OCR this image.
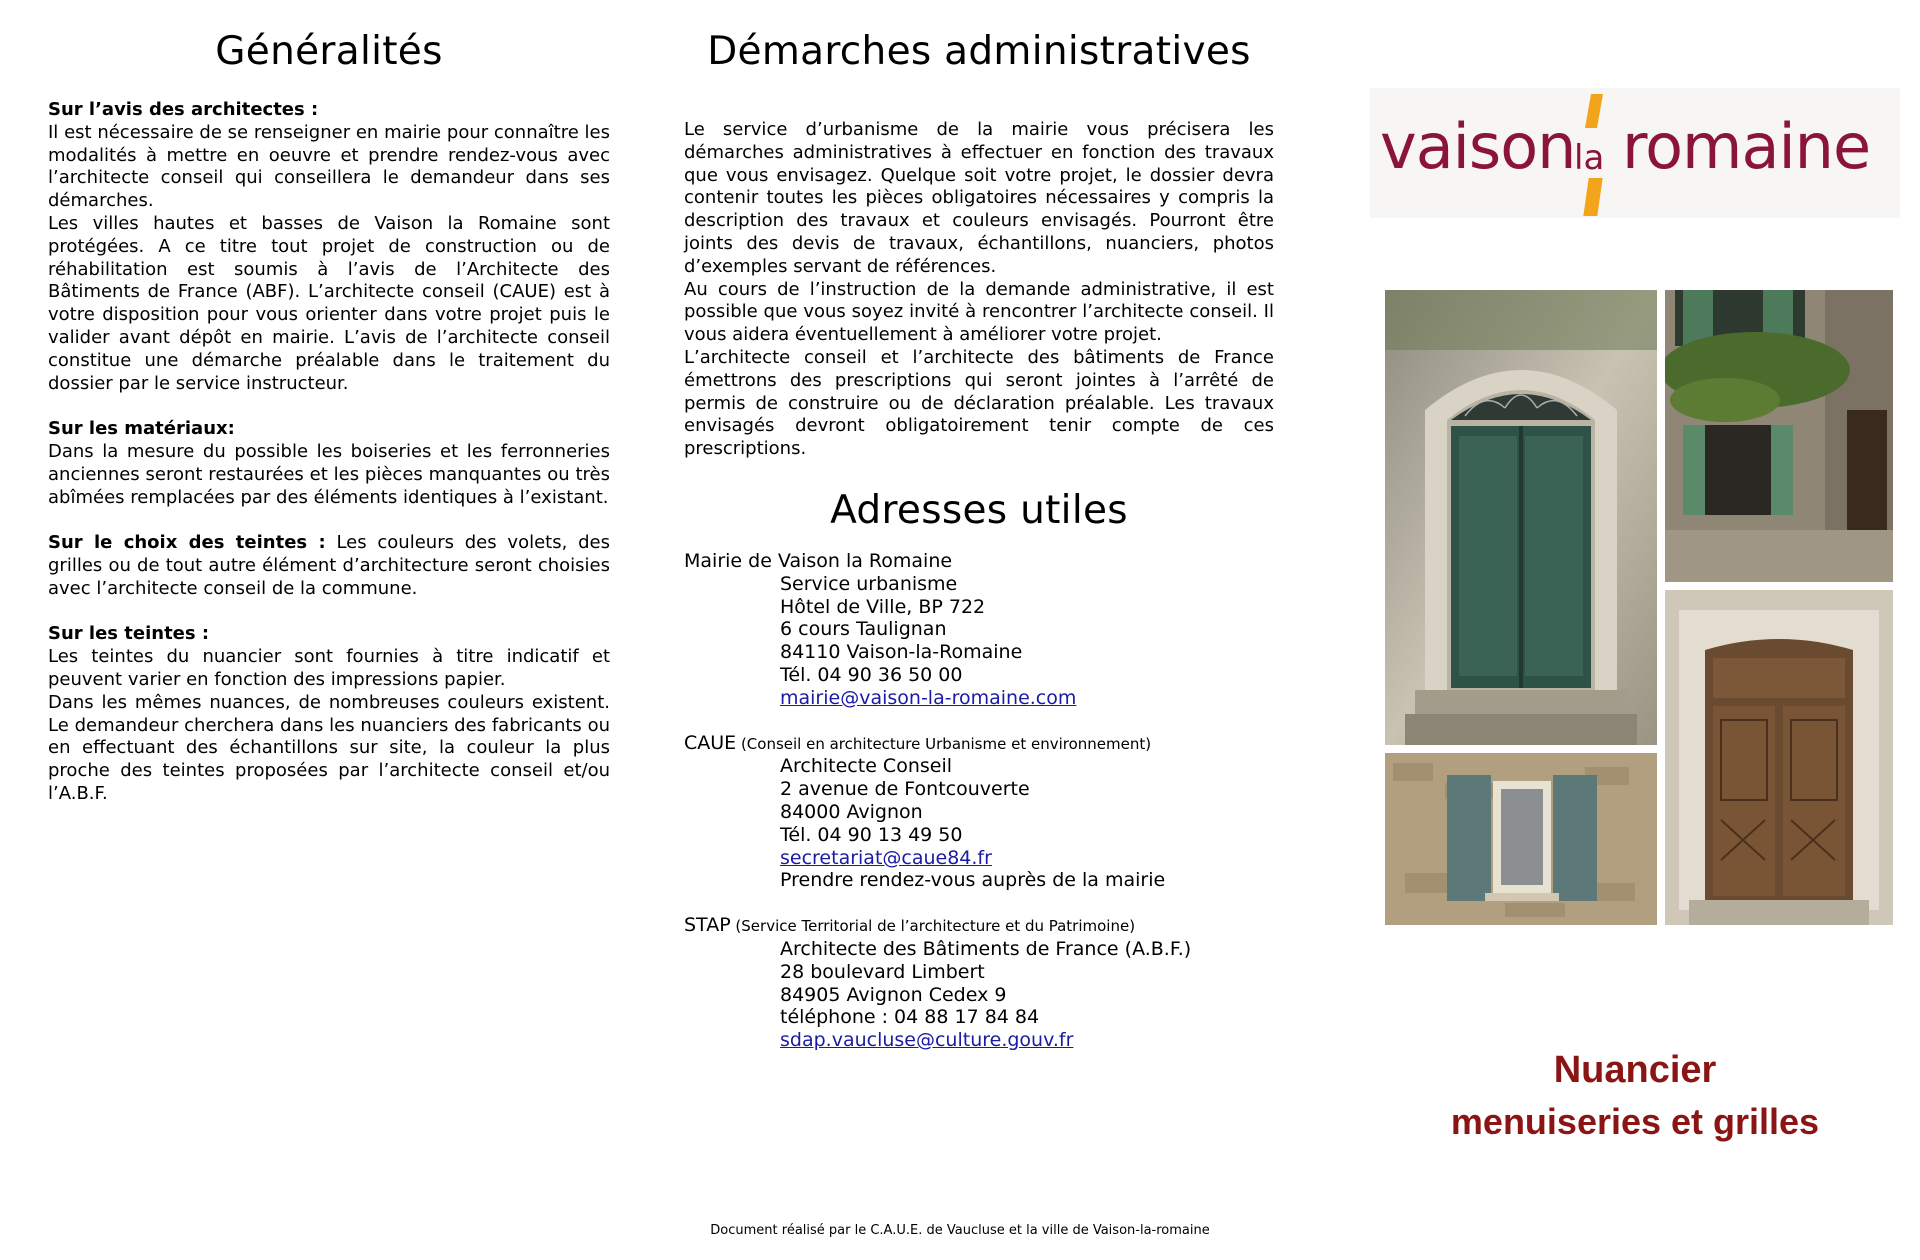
Généralités

Sur l’avis des architectes :

Il est nécessaire de se renseigner en mairie pour connaître les modalités à mettre en oeuvre et prendre rendez-vous avec l’architecte conseil qui conseillera le demandeur dans ses démarches.

Les villes hautes et basses de Vaison la Romaine sont protégées. A ce titre tout projet de construction ou de réhabilitation est soumis à l’avis de l’Architecte des Bâtiments de France (ABF). L’architecte conseil (CAUE) est à votre disposition pour vous orienter dans votre projet puis le valider avant dépôt en mairie. L’avis de l’architecte conseil constitue une démarche préalable dans le traitement du dossier par le service instructeur.

Sur les matériaux:

Dans la mesure du possible les boiseries et les ferronneries anciennes seront restaurées et les pièces manquantes ou très abîmées remplacées par des éléments identiques à l’existant.

Sur le choix des teintes : Les couleurs des volets, des grilles ou de tout autre élément d’architecture seront choisies avec l’architecte conseil de la commune.

Sur les teintes :

Les teintes du nuancier sont fournies à titre indicatif et peuvent varier en fonction des impressions papier.

Dans les mêmes nuances, de nombreuses couleurs existent. Le demandeur cherchera dans les nuanciers des fabricants ou en effectuant des échantillons sur site, la couleur la plus proche des teintes proposées par l’architecte conseil et/ou l’A.B.F.

Démarches administratives

Le service d’urbanisme de la mairie vous précisera les démarches administratives à effectuer en fonction des travaux que vous envisagez. Quelque soit votre projet, le dossier devra contenir toutes les pièces obligatoires nécessaires y compris la description des travaux et couleurs envisagés. Pourront être joints des devis de travaux, échantillons, nuanciers, photos d’exemples servant de références.

Au cours de l’instruction de la demande administrative, il est possible que vous soyez invité à rencontrer l’architecte conseil. Il vous aidera éventuellement à améliorer votre projet.

L’architecte conseil et l’architecte des bâtiments de France émettrons des prescriptions qui seront jointes à l’arrêté de permis de construire ou de déclaration préalable. Les travaux envisagés devront obligatoirement tenir compte de ces prescriptions.

Adresses utiles
Mairie de Vaison la Romaine
Service urbanisme
Hôtel de Ville, BP 722
6 cours Taulignan
84110 Vaison-la-Romaine
Tél. 04 90 36 50 00
mairie@vaison-la-romaine.com
CAUE (Conseil en architecture Urbanisme et environnement)
Architecte Conseil
2 avenue de Fontcouverte
84000 Avignon
Tél. 04 90 13 49 50
secretariat@caue84.fr
Prendre rendez-vous auprès de la mairie
STAP (Service Territorial de l’architecture et du Patrimoine)
Architecte des Bâtiments de France (A.B.F.)
28 boulevard Limbert
84905 Avignon Cedex 9
téléphone : 04 88 17 84 84
sdap.vaucluse@culture.gouv.fr
vaison
la romaine
Nuancier
menuiseries et grilles
Document réalisé par le C.A.U.E. de Vaucluse et la ville de Vaison-la-romaine
